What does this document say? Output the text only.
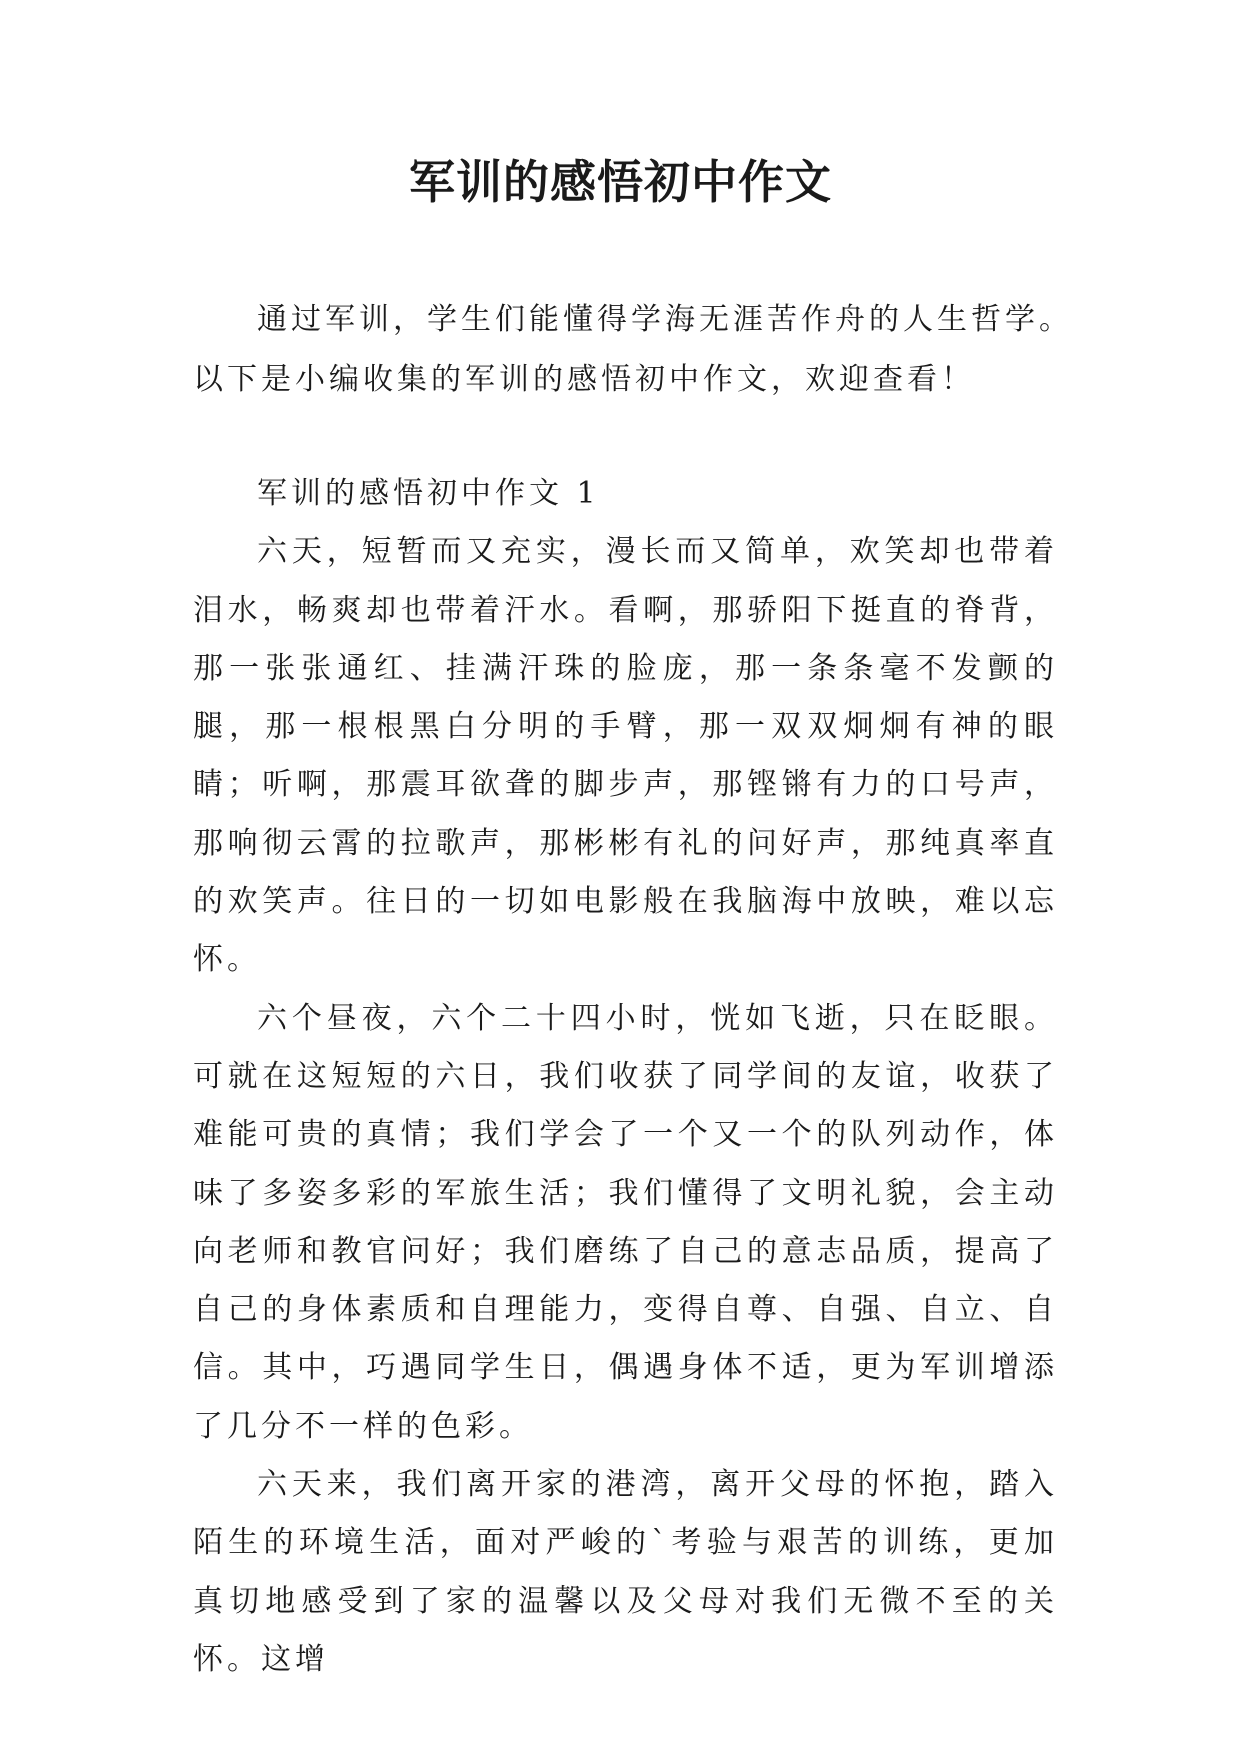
军训的感悟初中作文

通过军训，学生们能懂得学海无涯苦作舟的人生哲学。以下是小编收集的军训的感悟初中作文，欢迎查看！

军训的感悟初中作文 1

六天，短暂而又充实，漫长而又简单，欢笑却也带着泪水，畅爽却也带着汗水。看啊，那骄阳下挺直的脊背，那一张张通红、挂满汗珠的脸庞，那一条条毫不发颤的腿，那一根根黑白分明的手臂，那一双双炯炯有神的眼睛；听啊，那震耳欲聋的脚步声，那铿锵有力的口号声，那响彻云霄的拉歌声，那彬彬有礼的问好声，那纯真率直的欢笑声。往日的一切如电影般在我脑海中放映，难以忘怀。

六个昼夜，六个二十四小时，恍如飞逝，只在眨眼。可就在这短短的六日，我们收获了同学间的友谊，收获了难能可贵的真情；我们学会了一个又一个的队列动作，体味了多姿多彩的军旅生活；我们懂得了文明礼貌，会主动向老师和教官问好；我们磨练了自己的意志品质，提高了自己的身体素质和自理能力，变得自尊、自强、自立、自信。其中，巧遇同学生日，偶遇身体不适，更为军训增添了几分不一样的色彩。

六天来，我们离开家的港湾，离开父母的怀抱，踏入陌生的环境生活，面对严峻的`考验与艰苦的训练，更加真切地感受到了家的温馨以及父母对我们无微不至的关怀。这增
